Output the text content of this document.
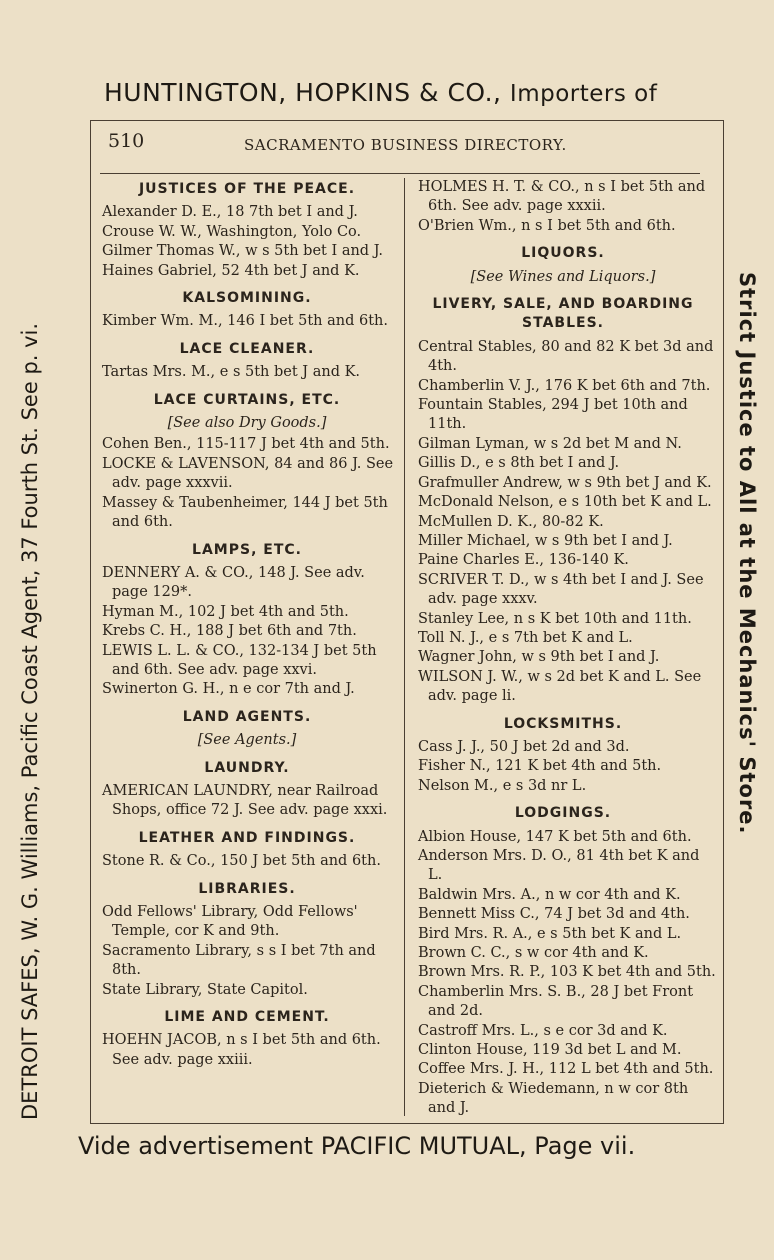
HUNTINGTON, HOPKINS & CO., Importers of
DETROIT SAFES, W. G. Williams, Pacific Coast Agent, 37 Fourth St. See p. vi.	Strict Justice to All at the Mechanics' Store.
510	SACRAMENTO BUSINESS DIRECTORY.
JUSTICES OF THE PEACE.
Alexander D. E., 18 7th bet I and J.
Crouse W. W., Washington, Yolo Co.
Gilmer Thomas W., w s 5th bet I and J.
Haines Gabriel, 52 4th bet J and K.
KALSOMINING.
Kimber Wm. M., 146 I bet 5th and 6th.
LACE CLEANER.
Tartas Mrs. M., e s 5th bet J and K.
LACE CURTAINS, ETC.
[See also Dry Goods.]
Cohen Ben., 115-117 J bet 4th and 5th.
LOCKE & LAVENSON, 84 and 86 J. See adv. page xxxvii.
Massey & Taubenheimer, 144 J bet 5th and 6th.
LAMPS, ETC.
DENNERY A. & CO., 148 J. See adv. page 129*.
Hyman M., 102 J bet 4th and 5th.
Krebs C. H., 188 J bet 6th and 7th.
LEWIS L. L. & CO., 132-134 J bet 5th and 6th. See adv. page xxvi.
Swinerton G. H., n e cor 7th and J.
LAND AGENTS.
[See Agents.]
LAUNDRY.
AMERICAN LAUNDRY, near Railroad Shops, office 72 J. See adv. page xxxi.
LEATHER AND FINDINGS.
Stone R. & Co., 150 J bet 5th and 6th.
LIBRARIES.
Odd Fellows' Library, Odd Fellows' Temple, cor K and 9th.
Sacramento Library, s s I bet 7th and 8th.
State Library, State Capitol.
LIME AND CEMENT.
HOEHN JACOB, n s I bet 5th and 6th. See adv. page xxiii.
HOLMES H. T. & CO., n s I bet 5th and 6th. See adv. page xxxii.
O'Brien Wm., n s I bet 5th and 6th.
LIQUORS.
[See Wines and Liquors.]
LIVERY, SALE, AND BOARDING STABLES.
Central Stables, 80 and 82 K bet 3d and 4th.
Chamberlin V. J., 176 K bet 6th and 7th.
Fountain Stables, 294 J bet 10th and 11th.
Gilman Lyman, w s 2d bet M and N.
Gillis D., e s 8th bet I and J.
Grafmuller Andrew, w s 9th bet J and K.
McDonald Nelson, e s 10th bet K and L.
McMullen D. K., 80-82 K.
Miller Michael, w s 9th bet I and J.
Paine Charles E., 136-140 K.
SCRIVER T. D., w s 4th bet I and J. See adv. page xxxv.
Stanley Lee, n s K bet 10th and 11th.
Toll N. J., e s 7th bet K and L.
Wagner John, w s 9th bet I and J.
WILSON J. W., w s 2d bet K and L. See adv. page li.
LOCKSMITHS.
Cass J. J., 50 J bet 2d and 3d.
Fisher N., 121 K bet 4th and 5th.
Nelson M., e s 3d nr L.
LODGINGS.
Albion House, 147 K bet 5th and 6th.
Anderson Mrs. D. O., 81 4th bet K and L.
Baldwin Mrs. A., n w cor 4th and K.
Bennett Miss C., 74 J bet 3d and 4th.
Bird Mrs. R. A., e s 5th bet K and L.
Brown C. C., s w cor 4th and K.
Brown Mrs. R. P., 103 K bet 4th and 5th.
Chamberlin Mrs. S. B., 28 J bet Front and 2d.
Castroff Mrs. L., s e cor 3d and K.
Clinton House, 119 3d bet L and M.
Coffee Mrs. J. H., 112 L bet 4th and 5th.
Dieterich & Wiedemann, n w cor 8th and J.
Vide advertisement PACIFIC MUTUAL, Page vii.
